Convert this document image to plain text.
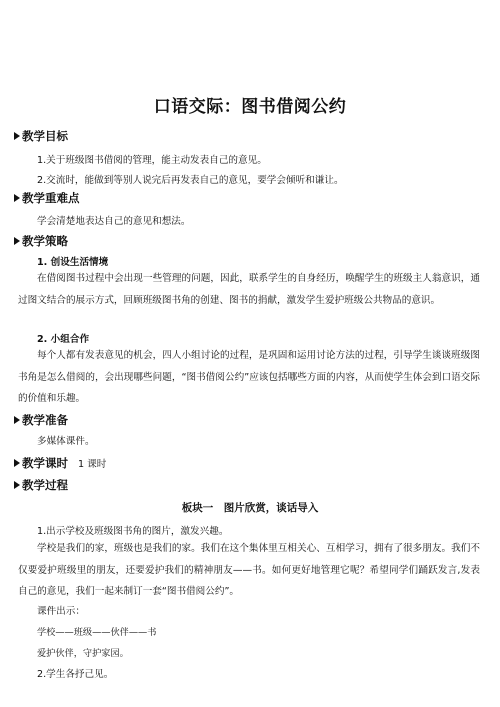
口语交际：图书借阅公约
教学目标
1.关于班级图书借阅的管理，能主动发表自己的意见。
2.交流时，能做到等别人说完后再发表自己的意见，要学会倾听和谦让。
教学重难点
学会清楚地表达自己的意见和想法。
教学策略
1. 创设生活情境
在借阅图书过程中会出现一些管理的问题，因此，联系学生的自身经历，唤醒学生的班级主人翁意识，通过图文结合的展示方式，回顾班级图书角的创建、图书的捐献，激发学生爱护班级公共物品的意识。
2. 小组合作
每个人都有发表意见的机会，四人小组讨论的过程，是巩固和运用讨论方法的过程，引导学生谈谈班级图书角是怎么借阅的，会出现哪些问题，“图书借阅公约”应该包括哪些方面的内容，从而使学生体会到口语交际的价值和乐趣。
教学准备
多媒体课件。
教学课时 1 课时
教学过程
板块一　图片欣赏，谈话导入
1.出示学校及班级图书角的图片，激发兴趣。
学校是我们的家，班级也是我们的家。我们在这个集体里互相关心、互相学习，拥有了很多朋友。我们不仅要爱护班级里的朋友，还要爱护我们的精神朋友——书。如何更好地管理它呢？希望同学们踊跃发言,发表自己的意见，我们一起来制订一套“图书借阅公约”。
课件出示：
学校——班级——伙伴——书
爱护伙伴，守护家园。
2.学生各抒己见。
